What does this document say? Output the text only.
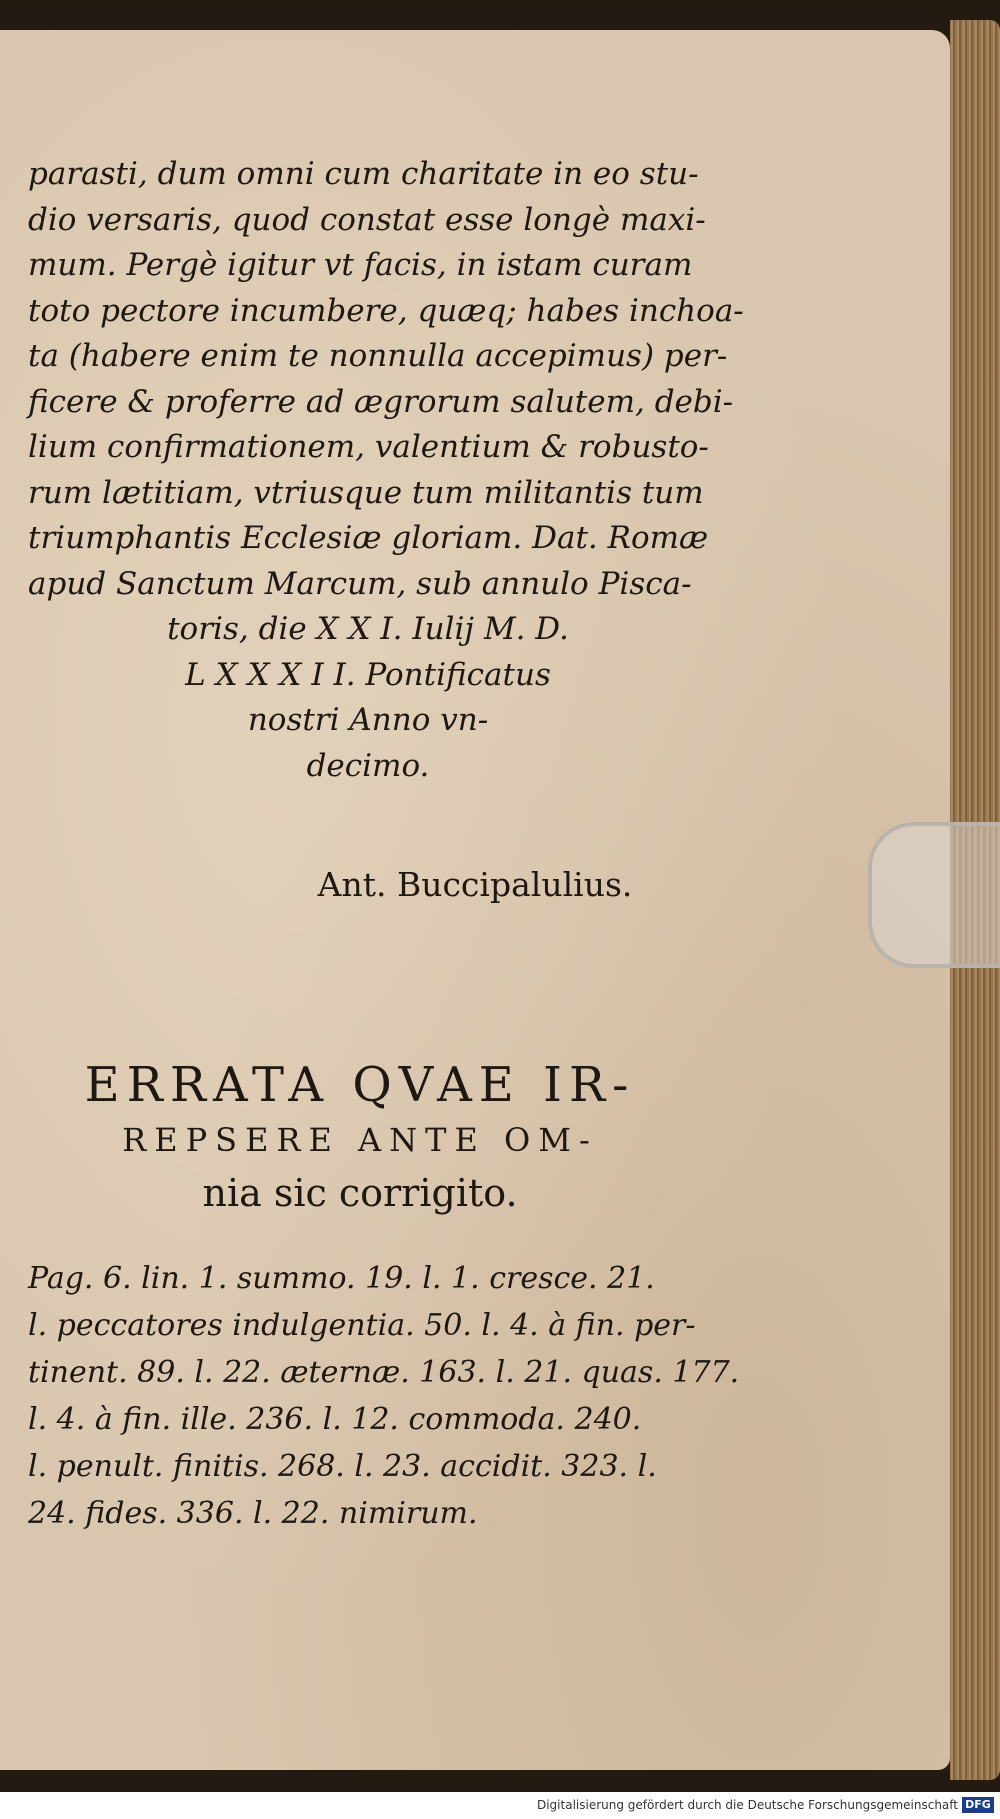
parasti, dum omni cum charitate in eo stu-
dio versaris, quod constat esse longè maxi-
mum. Pergè igitur vt facis, in istam curam
toto pectore incumbere, quæq; habes inchoa-
ta (habere enim te nonnulla accepimus) per-
ficere & proferre ad ægrorum salutem, debi-
lium confirmationem, valentium & robusto-
rum lætitiam, vtriusque tum militantis tum
triumphantis Ecclesiæ gloriam. Dat. Romæ
apud Sanctum Marcum, sub annulo Pisca-
toris, die X X I. Iulij M. D.
L X X X I I. Pontificatus
nostri Anno vn-
decimo.
Ant. Buccipalulius.
ERRATA QVAE IR-
REPSERE ANTE OM-
nia sic corrigito.
Pag. 6. lin. 1. summo. 19. l. 1. cresce. 21.
l. peccatores indulgentia. 50. l. 4. à fin. per-
tinent. 89. l. 22. æternæ. 163. l. 21. quas. 177.
l. 4. à fin. ille. 236. l. 12. commoda. 240.
l. penult. finitis. 268. l. 23. accidit. 323. l.
24. fides. 336. l. 22. nimirum.
Digitalisierung gefördert durch die Deutsche Forschungsgemeinschaft DFG
